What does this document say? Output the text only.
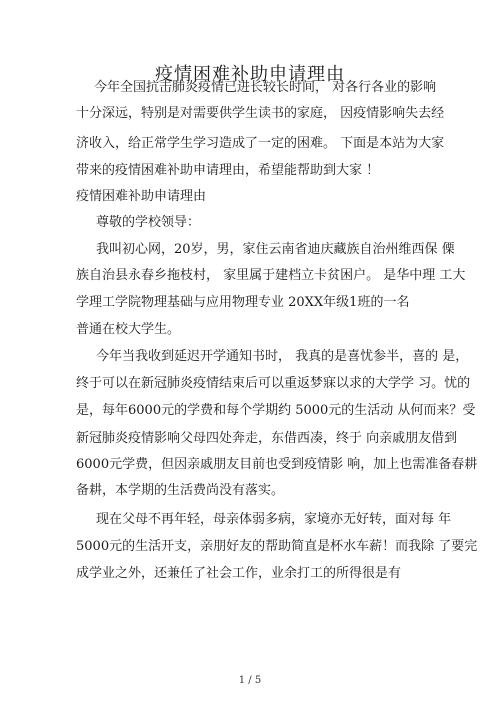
疫情困难补助申请理由
今年全国抗击肺炎疫情已进长较长时间， 对各行各业的影响
十分深远，特别是对需要供学生读书的家庭， 因疫情影响失去经
济收入，给正常学生学习造成了一定的困难。 下面是本站为大家
带来的疫情困难补助申请理由，希望能帮助到大家 ！
疫情困难补助申请理由
尊敬的学校领导：
我叫初心网，20岁，男，家住云南省迪庆藏族自治州维西保 傈
族自治县永春乡拖枝村， 家里属于建档立卡贫困户。 是华中理 工大
学理工学院物理基础与应用物理专业 20XX年级1班的一名
普通在校大学生。
今年当我收到延迟开学通知书时， 我真的是喜忧参半，喜的 是，
终于可以在新冠肺炎疫情结束后可以重返梦寐以求的大学学 习。忧的
是，每年6000元的学费和每个学期约 5000元的生活动 从何而来？受
新冠肺炎疫情影响父母四处奔走，东借西凑，终于 向亲戚朋友借到
6000元学费，但因亲戚朋友目前也受到疫情影 响，加上也需准备春耕
备耕，本学期的生活费尚没有落实。
现在父母不再年轻，母亲体弱多病，家境亦无好转，面对每 年
5000元的生活开支，亲朋好友的帮助简直是杯水车薪！而我除 了要完
成学业之外，还兼任了社会工作，业余打工的所得很是有
1 / 5
